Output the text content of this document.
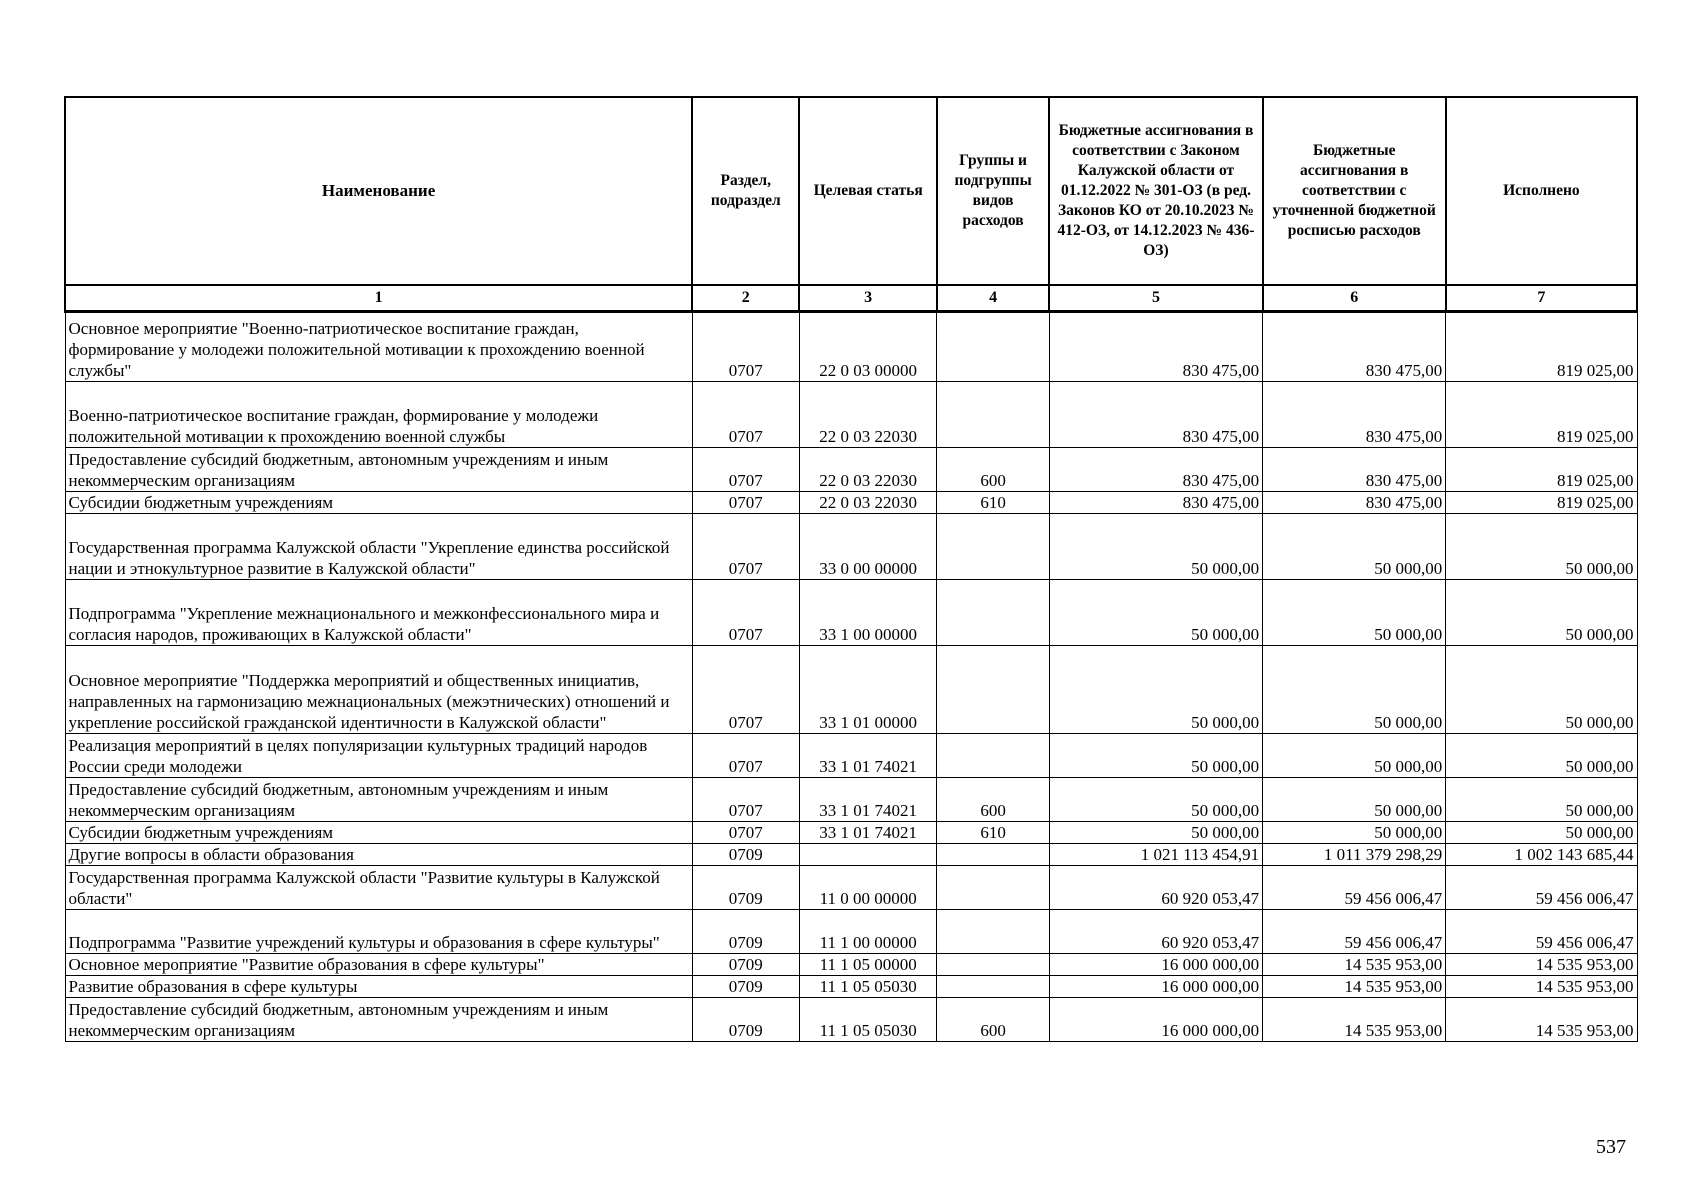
Наименование	Раздел, подраздел	Целевая статья	Группы и подгруппы видов расходов	Бюджетные ассигнования в соответствии с Законом Калужской области от 01.12.2022 № 301-ОЗ (в ред. Законов КО от 20.10.2023 № 412-ОЗ, от 14.12.2023 № 436-ОЗ)	Бюджетные ассигнования в соответствии с уточненной бюджетной росписью расходов	Исполнено
1	2	3	4	5	6	7
Основное мероприятие "Военно-патриотическое воспитание граждан, формирование у молодежи положительной мотивации к прохождению военной службы"	0707	22 0 03 00000		830 475,00	830 475,00	819 025,00
Военно-патриотическое воспитание граждан, формирование у молодежи положительной мотивации к прохождению военной службы	0707	22 0 03 22030		830 475,00	830 475,00	819 025,00
Предоставление субсидий бюджетным, автономным учреждениям и иным некоммерческим организациям	0707	22 0 03 22030	600	830 475,00	830 475,00	819 025,00
Субсидии бюджетным учреждениям	0707	22 0 03 22030	610	830 475,00	830 475,00	819 025,00
Государственная программа Калужской области "Укрепление единства российской нации и этнокультурное развитие в Калужской области"	0707	33 0 00 00000		50 000,00	50 000,00	50 000,00
Подпрограмма "Укрепление межнационального и межконфессионального мира и согласия народов, проживающих в Калужской области"	0707	33 1 00 00000		50 000,00	50 000,00	50 000,00
Основное мероприятие "Поддержка мероприятий и общественных инициатив, направленных на гармонизацию межнациональных (межэтнических) отношений и укрепление российской гражданской идентичности в Калужской области"	0707	33 1 01 00000		50 000,00	50 000,00	50 000,00
Реализация мероприятий в целях популяризации культурных традиций народов России среди молодежи	0707	33 1 01 74021		50 000,00	50 000,00	50 000,00
Предоставление субсидий бюджетным, автономным учреждениям и иным некоммерческим организациям	0707	33 1 01 74021	600	50 000,00	50 000,00	50 000,00
Субсидии бюджетным учреждениям	0707	33 1 01 74021	610	50 000,00	50 000,00	50 000,00
Другие вопросы в области образования	0709			1 021 113 454,91	1 011 379 298,29	1 002 143 685,44
Государственная программа Калужской области "Развитие культуры в Калужской области"	0709	11 0 00 00000		60 920 053,47	59 456 006,47	59 456 006,47
Подпрограмма "Развитие учреждений культуры и образования в сфере культуры"	0709	11 1 00 00000		60 920 053,47	59 456 006,47	59 456 006,47
Основное мероприятие "Развитие образования в сфере культуры"	0709	11 1 05 00000		16 000 000,00	14 535 953,00	14 535 953,00
Развитие образования в сфере культуры	0709	11 1 05 05030		16 000 000,00	14 535 953,00	14 535 953,00
Предоставление субсидий бюджетным, автономным учреждениям и иным некоммерческим организациям	0709	11 1 05 05030	600	16 000 000,00	14 535 953,00	14 535 953,00
537
